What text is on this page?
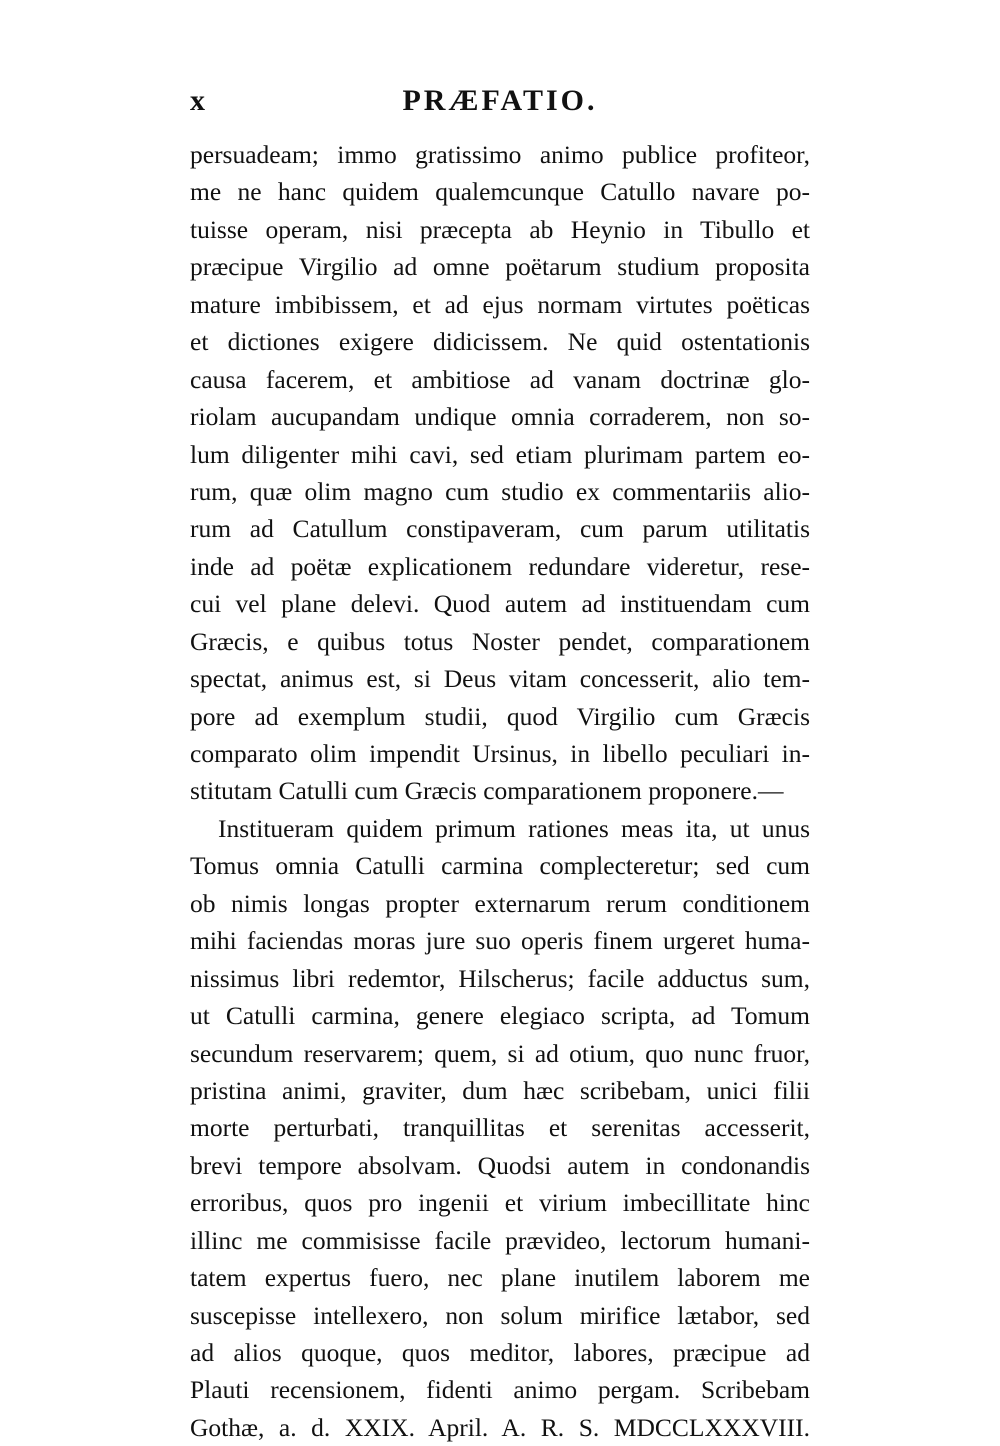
x	PRÆFATIO.
persuadeam; immo gratissimo animo publice profiteor,
me ne hanc quidem qualemcunque Catullo navare po-
tuisse operam, nisi præcepta ab Heynio in Tibullo et
præcipue Virgilio ad omne poëtarum studium proposita
mature imbibissem, et ad ejus normam virtutes poëticas
et dictiones exigere didicissem. Ne quid ostentationis
causa facerem, et ambitiose ad vanam doctrinæ glo-
riolam aucupandam undique omnia corraderem, non so-
lum diligenter mihi cavi, sed etiam plurimam partem eo-
rum, quæ olim magno cum studio ex commentariis alio-
rum ad Catullum constipaveram, cum parum utilitatis
inde ad poëtæ explicationem redundare videretur, rese-
cui vel plane delevi. Quod autem ad instituendam cum
Græcis, e quibus totus Noster pendet, comparationem
spectat, animus est, si Deus vitam concesserit, alio tem-
pore ad exemplum studii, quod Virgilio cum Græcis
comparato olim impendit Ursinus, in libello peculiari in-
stitutam Catulli cum Græcis comparationem proponere.—
Institueram quidem primum rationes meas ita, ut unus
Tomus omnia Catulli carmina complecteretur; sed cum
ob nimis longas propter externarum rerum conditionem
mihi faciendas moras jure suo operis finem urgeret huma-
nissimus libri redemtor, Hilscherus; facile adductus sum,
ut Catulli carmina, genere elegiaco scripta, ad Tomum
secundum reservarem; quem, si ad otium, quo nunc fruor,
pristina animi, graviter, dum hæc scribebam, unici filii
morte perturbati, tranquillitas et serenitas accesserit,
brevi tempore absolvam. Quodsi autem in condonandis
erroribus, quos pro ingenii et virium imbecillitate hinc
illinc me commisisse facile prævideo, lectorum humani-
tatem expertus fuero, nec plane inutilem laborem me
suscepisse intellexero, non solum mirifice lætabor, sed
ad alios quoque, quos meditor, labores, præcipue ad
Plauti recensionem, fidenti animo pergam. Scribebam
Gothæ, a. d. XXIX. April. A. R. S. MDCCLXXXVIII.
